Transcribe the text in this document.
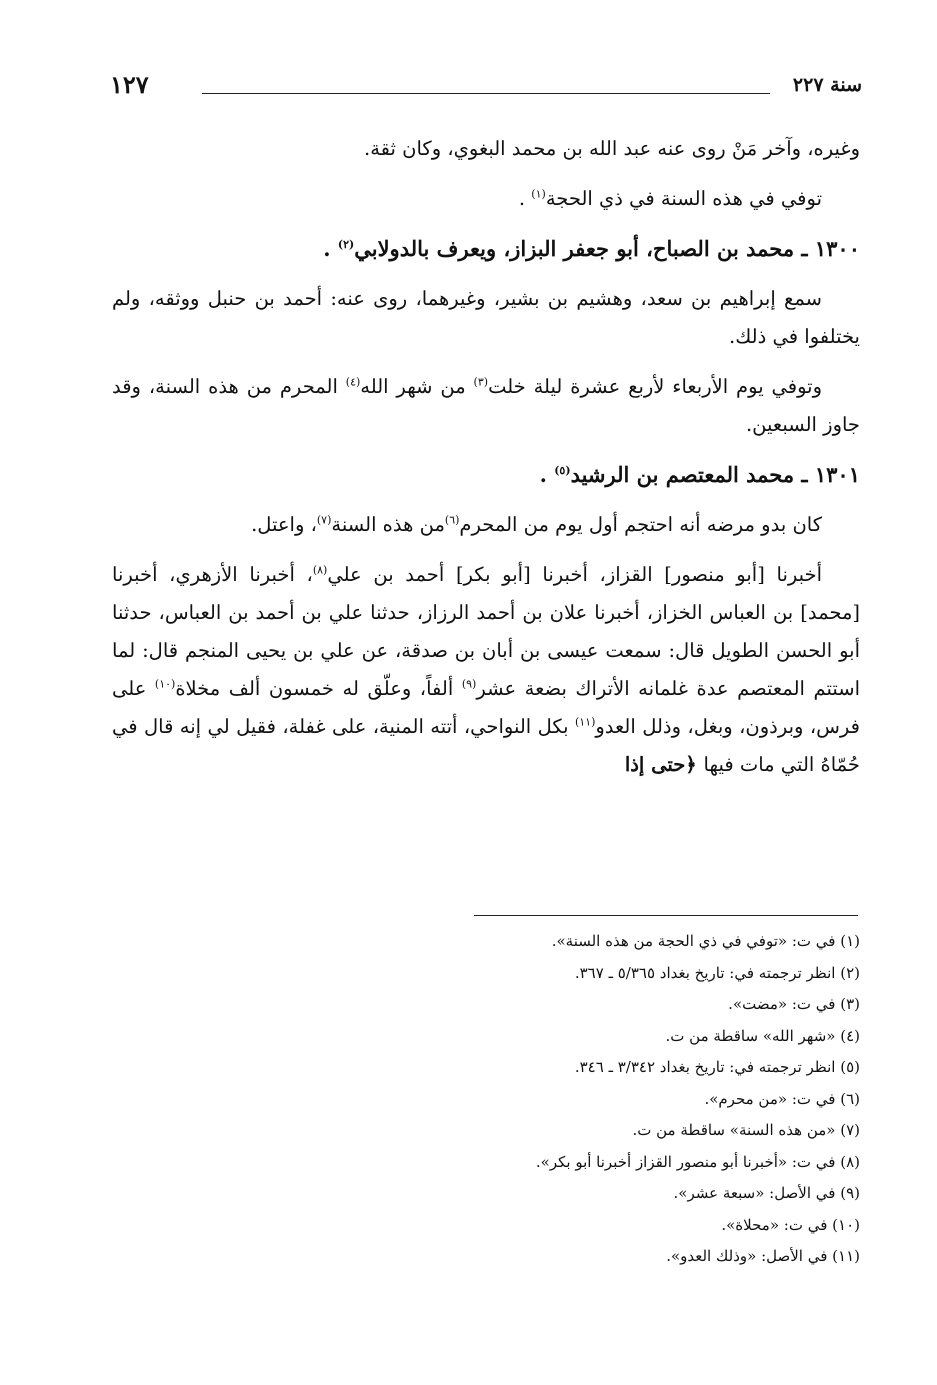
سنة ٢٢٧
١٢٧

وغيره، وآخر مَنْ روى عنه عبد الله بن محمد البغوي، وكان ثقة.

توفي في هذه السنة في ذي الحجة$^{(١)}$ .

١٣٠٠ ـ محمد بن الصباح، أبو جعفر البزاز، ويعرف بالدولابي$^{(٢)}$ .

سمع إبراهيم بن سعد، وهشيم بن بشير، وغيرهما، روى عنه: أحمد بن حنبل ووثقه، ولم يختلفوا في ذلك.

وتوفي يوم الأربعاء لأربع عشرة ليلة خلت$^{(٣)}$ من شهر الله$^{(٤)}$ المحرم من هذه السنة، وقد جاوز السبعين.

١٣٠١ ـ محمد المعتصم بن الرشيد$^{(٥)}$ .

كان بدو مرضه أنه احتجم أول يوم من المحرم$^{(٦)}$من هذه السنة$^{(٧)}$، واعتل.

أخبرنا [أبو منصور] القزاز، أخبرنا [أبو بكر] أحمد بن علي$^{(٨)}$، أخبرنا الأزهري، أخبرنا [محمد] بن العباس الخزاز، أخبرنا علان بن أحمد الرزاز، حدثنا علي بن أحمد بن العباس، حدثنا أبو الحسن الطويل قال: سمعت عيسى بن أبان بن صدقة، عن علي بن يحيى المنجم قال: لما استتم المعتصم عدة غلمانه الأتراك بضعة عشر$^{(٩)}$ ألفاً، وعلّق له خمسون ألف مخلاة$^{(١٠)}$ على فرس، وبرذون، وبغل، وذلل العدو$^{(١١)}$ بكل النواحي، أتته المنية، على غفلة، فقيل لي إنه قال في حُمّاهُ التي مات فيها ﴿حتى إذا

(١) في ت: «توفي في ذي الحجة من هذه السنة».
(٢) انظر ترجمته في: تاريخ بغداد ٥/٣٦٥ ـ ٣٦٧.
(٣) في ت: «مضت».
(٤) «شهر الله» ساقطة من ت.
(٥) انظر ترجمته في: تاريخ بغداد ٣/٣٤٢ ـ ٣٤٦.
(٦) في ت: «من محرم».
(٧) «من هذه السنة» ساقطة من ت.
(٨) في ت: «أخبرنا أبو منصور القزاز أخبرنا أبو بكر».
(٩) في الأصل: «سبعة عشر».
(١٠) في ت: «محلاة».
(١١) في الأصل: «وذلك العدو».
